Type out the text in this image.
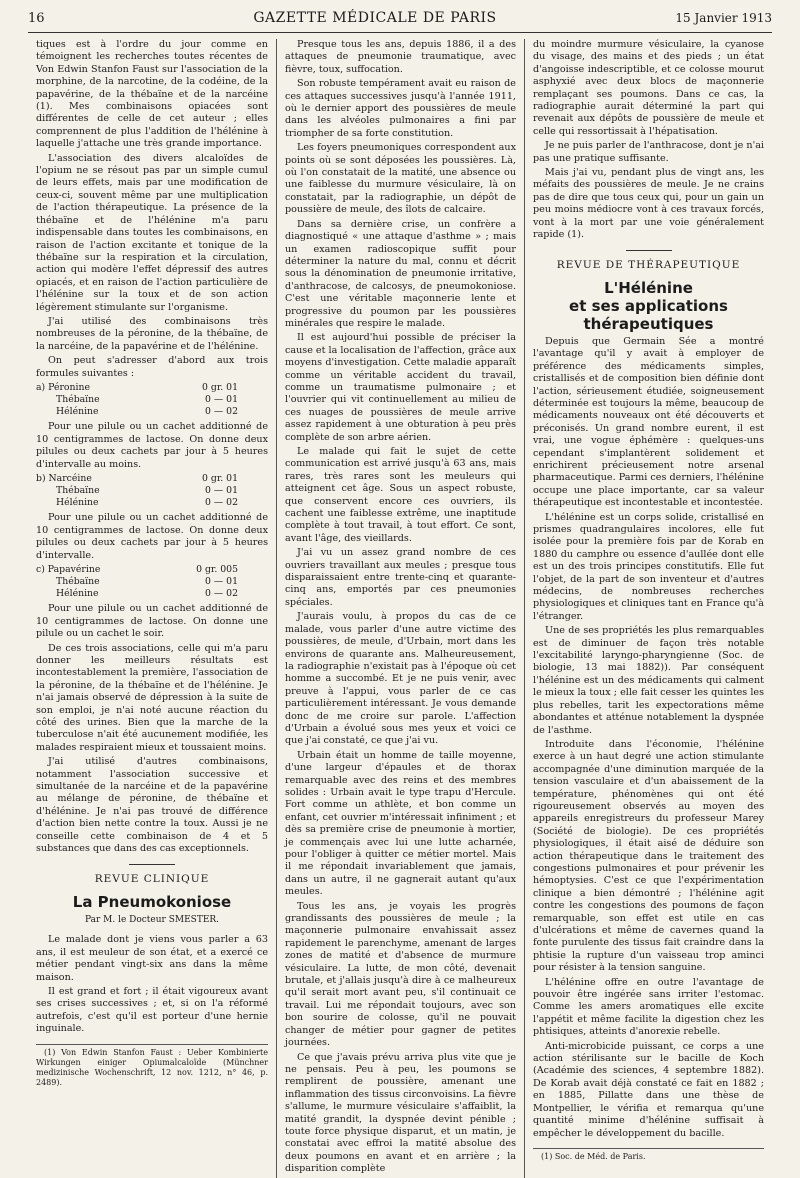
16	GAZETTE MÉDICALE DE PARIS	15 Janvier 1913

tiques est à l'ordre du jour comme en témoignent les recherches toutes récentes de Von Edwin Stanfon Faust sur l'association de la morphine, de la narcotine, de la codéine, de la papavérine, de la thébaïne et de la narcéine (1). Mes combinaisons opiacées sont différentes de celle de cet auteur ; elles comprennent de plus l'addition de l'hélénine à laquelle j'attache une très grande importance.

L'association des divers alcaloïdes de l'opium ne se résout pas par un simple cumul de leurs effets, mais par une modification de ceux-ci, souvent même par une multiplication de l'action thérapeutique. La présence de la thébaïne et de l'hélénine m'a paru indispensable dans toutes les combinaisons, en raison de l'action excitante et tonique de la thébaïne sur la respiration et la circulation, action qui modère l'effet dépressif des autres opiacés, et en raison de l'action particulière de l'hélénine sur la toux et de son action légèrement stimulante sur l'organisme.

J'ai utilisé des combinaisons très nombreuses de la péronine, de la thébaïne, de la narcéine, de la papavérine et de l'hélénine.

On peut s'adresser d'abord aux trois formules suivantes :

a) Péronine	0 gr. 01
Thébaïne	0 — 01
Hélénine	0 — 02

Pour une pilule ou un cachet additionné de 10 centigrammes de lactose. On donne deux pilules ou deux cachets par jour à 5 heures d'intervalle au moins.

b) Narcéine	0 gr. 01
Thébaïne	0 — 01
Hélénine	0 — 02

Pour une pilule ou un cachet additionné de 10 centigrammes de lactose. On donne deux pilules ou deux cachets par jour à 5 heures d'intervalle.

c) Papavérine	0 gr. 005
Thébaïne	0 — 01
Hélénine	0 — 02

Pour une pilule ou un cachet additionné de 10 centigrammes de lactose. On donne une pilule ou un cachet le soir.

De ces trois associations, celle qui m'a paru donner les meilleurs résultats est incontestablement la première, l'association de la péronine, de la thébaïne et de l'hélénine. Je n'ai jamais observé de dépression à la suite de son emploi, je n'ai noté aucune réaction du côté des urines. Bien que la marche de la tuberculose n'ait été aucunement modifiée, les malades respiraient mieux et toussaient moins.

J'ai utilisé d'autres combinaisons, notamment l'association successive et simultanée de la narcéine et de la papavérine au mélange de péronine, de thébaïne et d'hélénine. Je n'ai pas trouvé de différence d'action bien nette contre la toux. Aussi je ne conseille cette combinaison de 4 et 5 substances que dans des cas exceptionnels.

REVUE CLINIQUE
La Pneumokoniose
Par M. le Docteur SMESTER.

Le malade dont je viens vous parler a 63 ans, il est meuleur de son état, et a exercé ce métier pendant vingt-six ans dans la même maison.

Il est grand et fort ; il était vigoureux avant ses crises successives ; et, si on l'a réformé autrefois, c'est qu'il est porteur d'une hernie inguinale.

(1) Von Edwin Stanfon Faust : Ueber Kombinierte Wirkungen einiger Opiumalcaloïde (Münchner medizinische Wochenschrift, 12 nov. 1212, n° 46, p. 2489).

Presque tous les ans, depuis 1886, il a des attaques de pneumonie traumatique, avec fièvre, toux, suffocation.

Son robuste tempérament avait eu raison de ces attaques successives jusqu'à l'année 1911, où le dernier apport des poussières de meule dans les alvéoles pulmonaires a fini par triompher de sa forte constitution.

Les foyers pneumoniques correspondent aux points où se sont déposées les poussières. Là, où l'on constatait de la matité, une absence ou une faiblesse du murmure vésiculaire, là on constatait, par la radiographie, un dépôt de poussière de meule, des îlots de calcaire.

Dans sa dernière crise, un confrère a diagnostiqué « une attaque d'asthme » ; mais un examen radioscopique suffit pour déterminer la nature du mal, connu et décrit sous la dénomination de pneumonie irritative, d'anthracose, de calcosys, de pneumokoniose. C'est une véritable maçonnerie lente et progressive du poumon par les poussières minérales que respire le malade.

Il est aujourd'hui possible de préciser la cause et la localisation de l'affection, grâce aux moyens d'investigation. Cette maladie apparaît comme un véritable accident du travail, comme un traumatisme pulmonaire ; et l'ouvrier qui vit continuellement au milieu de ces nuages de poussières de meule arrive assez rapidement à une obturation à peu près complète de son arbre aérien.

Le malade qui fait le sujet de cette communication est arrivé jusqu'à 63 ans, mais rares, très rares sont les meuleurs qui atteignent cet âge. Sous un aspect robuste, que conservent encore ces ouvriers, ils cachent une faiblesse extrême, une inaptitude complète à tout travail, à tout effort. Ce sont, avant l'âge, des vieillards.

J'ai vu un assez grand nombre de ces ouvriers travaillant aux meules ; presque tous disparaissaient entre trente-cinq et quarante-cinq ans, emportés par ces pneumonies spéciales.

J'aurais voulu, à propos du cas de ce malade, vous parler d'une autre victime des poussières, de meule, d'Urbain, mort dans les environs de quarante ans. Malheureusement, la radiographie n'existait pas à l'époque où cet homme a succombé. Et je ne puis venir, avec preuve à l'appui, vous parler de ce cas particulièrement intéressant. Je vous demande donc de me croire sur parole. L'affection d'Urbain a évolué sous mes yeux et voici ce que j'ai constaté, ce que j'ai vu.

Urbain était un homme de taille moyenne, d'une largeur d'épaules et de thorax remarquable avec des reins et des membres solides : Urbain avait le type trapu d'Hercule. Fort comme un athlète, et bon comme un enfant, cet ouvrier m'intéressait infiniment ; et dès sa première crise de pneumonie à mortier, je commençais avec lui une lutte acharnée, pour l'obliger à quitter ce métier mortel. Mais il me répondait invariablement que jamais, dans un autre, il ne gagnerait autant qu'aux meules.

Tous les ans, je voyais les progrès grandissants des poussières de meule ; la maçonnerie pulmonaire envahissait assez rapidement le parenchyme, amenant de larges zones de matité et d'absence de murmure vésiculaire. La lutte, de mon côté, devenait brutale, et j'allais jusqu'à dire à ce malheureux qu'il serait mort avant peu, s'il continuait ce travail. Lui me répondait toujours, avec son bon sourire de colosse, qu'il ne pouvait changer de métier pour gagner de petites journées.

Ce que j'avais prévu arriva plus vite que je ne pensais. Peu à peu, les poumons se remplirent de poussière, amenant une inflammation des tissus circonvoisins. La fièvre s'allume, le murmure vésiculaire s'affaiblit, la matité grandit, la dyspnée devint pénible ; toute force physique disparut, et un matin, je constatai avec effroi la matité absolue des deux poumons en avant et en arrière ; la disparition complète

du moindre murmure vésiculaire, la cyanose du visage, des mains et des pieds ; un état d'angoisse indescriptible, et ce colosse mourut asphyxié avec deux blocs de maçonnerie remplaçant ses poumons. Dans ce cas, la radiographie aurait déterminé la part qui revenait aux dépôts de poussière de meule et celle qui ressortissait à l'hépatisation.

Je ne puis parler de l'anthracose, dont je n'ai pas une pratique suffisante.

Mais j'ai vu, pendant plus de vingt ans, les méfaits des poussières de meule. Je ne crains pas de dire que tous ceux qui, pour un gain un peu moins médiocre vont à ces travaux forcés, vont à la mort par une voie généralement rapide (1).

REVUE DE THÉRAPEUTIQUE
L'Hélénine
et ses applications thérapeutiques

Depuis que Germain Sée a montré l'avantage qu'il y avait à employer de préférence des médicaments simples, cristallisés et de composition bien définie dont l'action, sérieusement étudiée, soigneusement déterminée est toujours la même, beaucoup de médicaments nouveaux ont été découverts et préconisés. Un grand nombre eurent, il est vrai, une vogue éphémère : quelques-uns cependant s'implantèrent solidement et enrichirent précieusement notre arsenal pharmaceutique. Parmi ces derniers, l'hélénine occupe une place importante, car sa valeur thérapeutique est incontestable et incontestée.

L'hélénine est un corps solide, cristallisé en prismes quadrangulaires incolores, elle fut isolée pour la première fois par de Korab en 1880 du camphre ou essence d'aullée dont elle est un des trois principes constitutifs. Elle fut l'objet, de la part de son inventeur et d'autres médecins, de nombreuses recherches physiologiques et cliniques tant en France qu'à l'étranger.

Une de ses propriétés les plus remarquables est de diminuer de façon très notable l'excitabilité laryngo-pharyngienne (Soc. de biologie, 13 mai 1882)). Par conséquent l'hélénine est un des médicaments qui calment le mieux la toux ; elle fait cesser les quintes les plus rebelles, tarit les expectorations même abondantes et atténue notablement la dyspnée de l'asthme.

Introduite dans l'économie, l'hélénine exerce à un haut degré une action stimulante accompagnée d'une diminution marquée de la tension vasculaire et d'un abaissement de la température, phénomènes qui ont été rigoureusement observés au moyen des appareils enregistreurs du professeur Marey (Société de biologie). De ces propriétés physiologiques, il était aisé de déduire son action thérapeutique dans le traitement des congestions pulmonaires et pour prévenir les hémoptysies. C'est ce que l'expérimentation clinique a bien démontré ; l'hélénine agit contre les congestions des poumons de façon remarquable, son effet est utile en cas d'ulcérations et même de cavernes quand la fonte purulente des tissus fait craindre dans la phtisie la rupture d'un vaisseau trop aminci pour résister à la tension sanguine.

L'hélénine offre en outre l'avantage de pouvoir être ingérée sans irriter l'estomac. Comme les amers aromatiques elle excite l'appétit et même facilite la digestion chez les phtisiques, atteints d'anorexie rebelle.

Anti-microbicide puissant, ce corps a une action stérilisante sur le bacille de Koch (Académie des sciences, 4 septembre 1882). De Korab avait déjà constaté ce fait en 1882 ; en 1885, Pillatte dans une thèse de Montpellier, le vérifia et remarqua qu'une quantité minime d'hélénine suffisait à empêcher le développement du bacille.

(1) Soc. de Méd. de Paris.
